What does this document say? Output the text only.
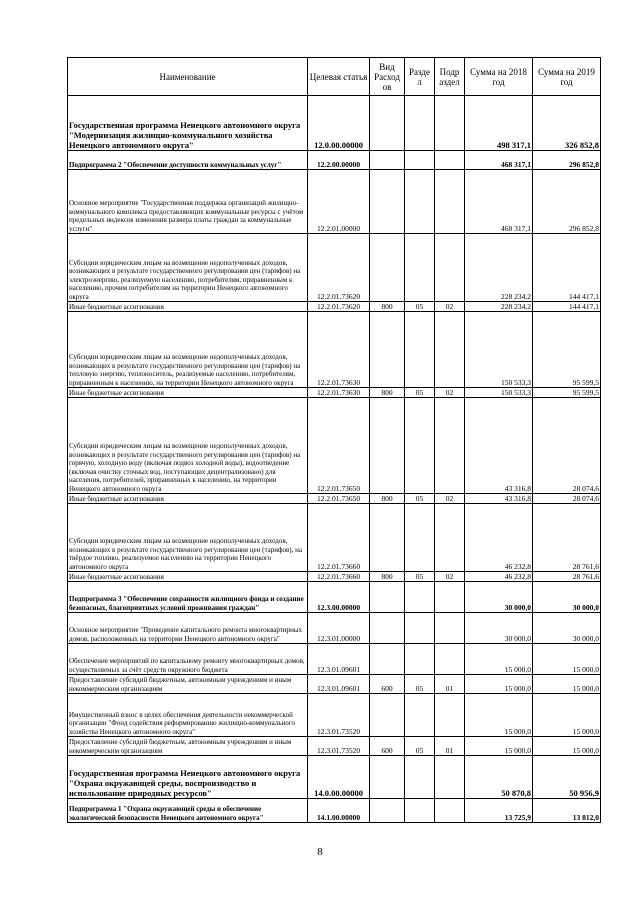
Наименование	Целевая статья	Вид Расход ов	Разде л	Подр аздел	Сумма на 2018 год	Сумма на 2019 год
Государственная программа Ненецкого автономного округа "Модернизация жилищно-коммунального хозяйства Ненецкого автономного округа"	12.0.00.00000				498 317,1	326 852,8
Подпрограмма 2 "Обеспечение доступности коммунальных услуг"	12.2.00.00000				468 317,1	296 852,8
Основное мероприятие "Государственная поддержка организаций жилищно-коммунального комплекса предоставляющих коммунальные ресурсы с учётом предельных индексов изменения размера платы граждан за коммунальные услуги"	12.2.01.00000				468 317,1	296 852,8
Субсидии юридическим лицам на возмещение недополученных доходов, возникающих в результате государственного регулирования цен (тарифов) на электроэнергию, реализуемую населению, потребителям, приравненным к населению, прочим потребителям на территории Ненецкого автономного округа	12.2.01.73620				228 234,2	144 417,1
Иные бюджетные ассигнования	12.2.01.73620	800	05	02	228 234,2	144 417,1
Субсидии юридическим лицам на возмещение недополученных доходов, возникающих в результате государственного регулирования цен (тарифов) на тепловую энергию, теплоноситель, реализуемые населению, потребителям, приравненным к населению, на территории Ненецкого автономного округа	12.2.01.73630				150 533,3	95 599,5
Иные бюджетные ассигнования	12.2.01.73630	800	05	02	150 533,3	95 599,5
Субсидии юридическим лицам на возмещение недополученных доходов, возникающих в результате государственного регулирования цен (тарифов) на горячую, холодную воду (включая подвоз холодной воды), водоотведение (включая очистку сточных вод, поступающих децентрализовано) для населения, потребителей, приравненных к населению, на территории Ненецкого автономного округа	12.2.01.73650				43 316,8	28 074,6
Иные бюджетные ассигнования	12.2.01.73650	800	05	02	43 316,8	28 074,6
Субсидии юридическим лицам на возмещение недополученных доходов, возникающих в результате государственного регулирования цен (тарифов), на твёрдое топливо, реализуемое населению на территории Ненецкого автономного округа	12.2.01.73660				46 232,8	28 761,6
Иные бюджетные ассигнования	12.2.01.73660	800	05	02	46 232,8	28 761,6
Подпрограмма 3 "Обеспечение сохранности жилищного фонда и создание безопасных, благоприятных условий проживания граждан"	12.3.00.00000				30 000,0	30 000,0
Основное мероприятие "Проведение капитального ремонта многоквартирных домов, расположенных на территории Ненецкого автономного округа"	12.3.01.00000				30 000,0	30 000,0
Обеспечение мероприятий по капитальному ремонту многоквартирных домов, осуществляемых за счёт средств окружного бюджета	12.3.01.09601				15 000,0	15 000,0
Предоставление субсидий бюджетным, автономным учреждениям и иным некоммерческим организациям	12.3.01.09601	600	05	01	15 000,0	15 000,0
Имущественный взнос в целях обеспечения деятельности некоммерческой организации "Фонд содействия реформированию жилищно-коммунального хозяйства Ненецкого автономного округа"	12.3.01.73520				15 000,0	15 000,0
Предоставление субсидий бюджетным, автономным учреждениям и иным некоммерческим организациям	12.3.01.73520	600	05	01	15 000,0	15 000,0
Государственная программа Ненецкого автономного округа "Охрана окружающей среды, воспроизводство и использование природных ресурсов"	14.0.00.00000				50 870,8	50 956,9
Подпрограмма 1 "Охрана окружающей среды и обеспечение экологической безопасности Ненецкого автономного округа"	14.1.00.00000				13 725,9	13 812,0
8
